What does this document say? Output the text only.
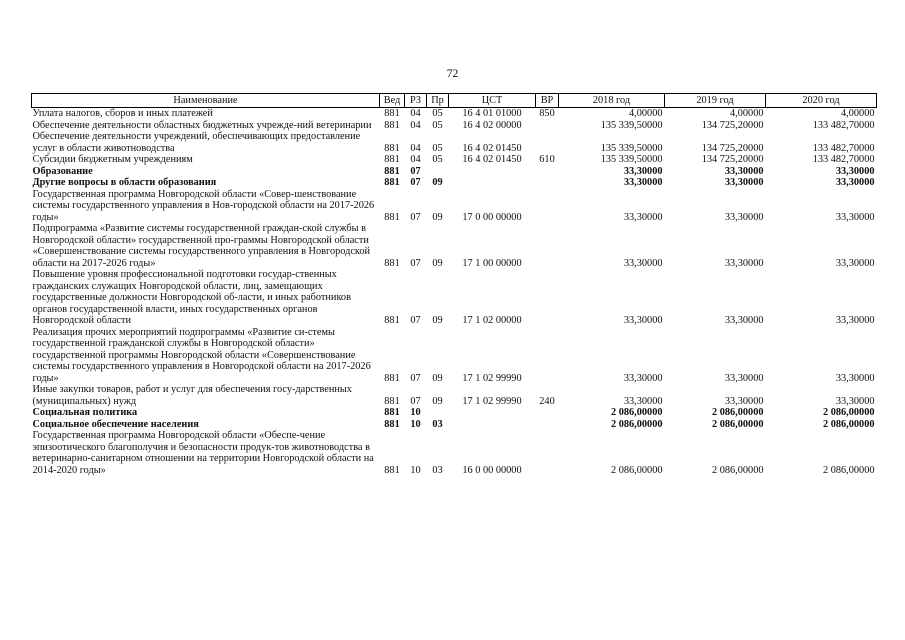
72
Наименование	Вед	РЗ	Пр	ЦСТ	ВР	2018 год	2019 год	2020 год
Уплата налогов, сборов и иных платежей	881	04	05	16 4 01 01000	850	4,00000	4,00000	4,00000
Обеспечение деятельности областных бюджетных учрежде-ний ветеринарии	881	04	05	16 4 02 00000		135 339,50000	134 725,20000	133 482,70000
Обеспечение деятельности учреждений, обеспечивающих предоставление услуг в области животноводства	881	04	05	16 4 02 01450		135 339,50000	134 725,20000	133 482,70000
Субсидии бюджетным учреждениям	881	04	05	16 4 02 01450	610	135 339,50000	134 725,20000	133 482,70000
Образование	881	07				33,30000	33,30000	33,30000
Другие вопросы в области образования	881	07	09			33,30000	33,30000	33,30000
Государственная программа Новгородской области «Совер-шенствование системы государственного управления в Нов-городской области на 2017-2026 годы»	881	07	09	17 0 00 00000		33,30000	33,30000	33,30000
Подпрограмма «Развитие системы государственной граждан-ской службы в Новгородской области» государственной про-граммы Новгородской области «Совершенствование системы государственного управления в Новгородской области на 2017-2026 годы»	881	07	09	17 1 00 00000		33,30000	33,30000	33,30000
Повышение уровня профессиональной подготовки государ-ственных гражданских служащих Новгородской области, лиц, замещающих государственные должности Новгородской об-ласти, и иных работников органов государственной власти, иных государственных органов Новгородской области	881	07	09	17 1 02 00000		33,30000	33,30000	33,30000
Реализация прочих мероприятий подпрограммы «Развитие си-стемы государственной гражданской службы в Новгородской области» государственной программы Новгородской области «Совершенствование системы государственного управления в Новгородской области на 2017-2026 годы»	881	07	09	17 1 02 99990		33,30000	33,30000	33,30000
Иные закупки товаров, работ и услуг для обеспечения госу-дарственных (муниципальных) нужд	881	07	09	17 1 02 99990	240	33,30000	33,30000	33,30000
Социальная политика	881	10				2 086,00000	2 086,00000	2 086,00000
Социальное обеспечение населения	881	10	03			2 086,00000	2 086,00000	2 086,00000
Государственная программа Новгородской области «Обеспе-чение эпизоотического благополучия и безопасности продук-тов животноводства в ветеринарно-санитарном отношении на территории Новгородской области на 2014-2020 годы»	881	10	03	16 0 00 00000		2 086,00000	2 086,00000	2 086,00000
